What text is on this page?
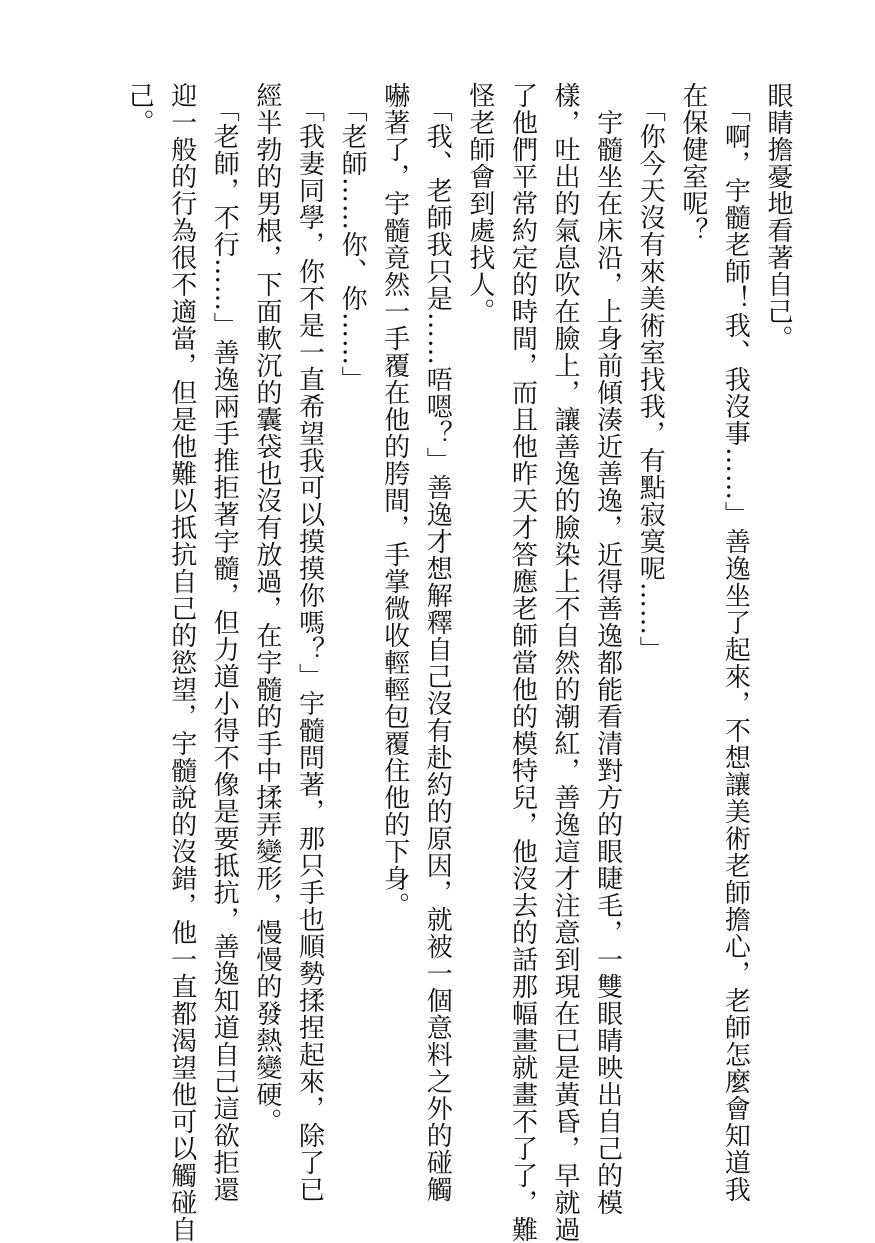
眼睛擔憂地看著自己。
　「啊，宇髓老師！我、我沒事……」善逸坐了起來，不想讓美術老師擔心，老師怎麼會知道我
在保健室呢？
　「你今天沒有來美術室找我，有點寂寞呢……」
　宇髓坐在床沿，上身前傾湊近善逸，近得善逸都能看清對方的眼睫毛，一雙眼睛映出自己的模
樣，吐出的氣息吹在臉上，讓善逸的臉染上不自然的潮紅，善逸這才注意到現在已是黃昏，早就過
了他們平常約定的時間，而且他昨天才答應老師當他的模特兒，他沒去的話那幅畫就畫不了了，難
怪老師會到處找人。
　「我、老師我只是……唔嗯？」善逸才想解釋自己沒有赴約的原因，就被一個意料之外的碰觸
嚇著了，宇髓竟然一手覆在他的胯間，手掌微收輕輕包覆住他的下身。
　「老師……你、你……」
　「我妻同學，你不是一直希望我可以摸摸你嗎？」宇髓問著，那只手也順勢揉捏起來，除了已
經半勃的男根，下面軟沉的囊袋也沒有放過，在宇髓的手中揉弄變形，慢慢的發熱變硬。
　「老師，不行……」善逸兩手推拒著宇髓，但力道小得不像是要抵抗，善逸知道自己這欲拒還
迎一般的行為很不適當，但是他難以抵抗自己的慾望，宇髓說的沒錯，他一直都渴望他可以觸碰自
己。
